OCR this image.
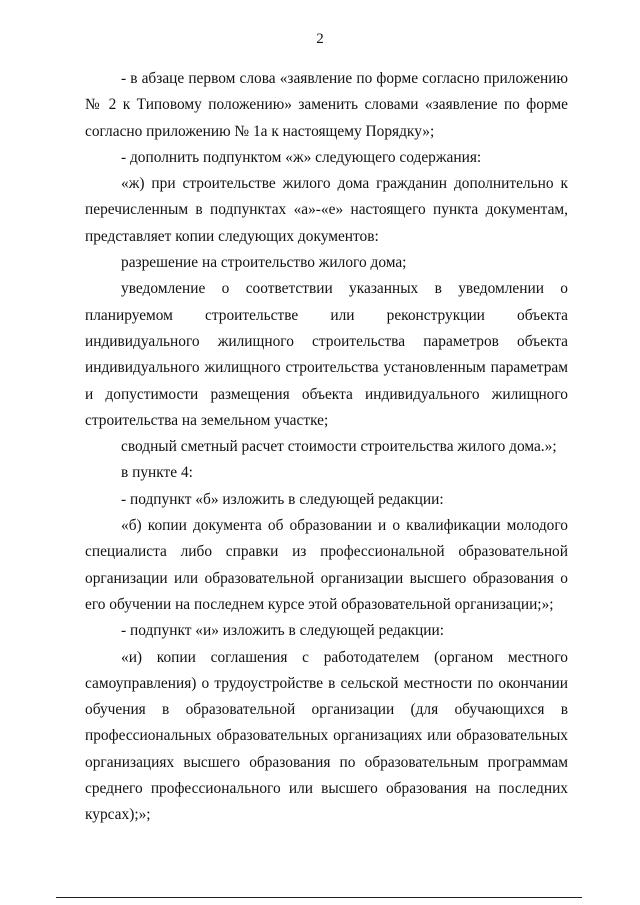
2

- в абзаце первом слова «заявление по форме согласно приложению № 2 к Типовому положению» заменить словами «заявление по форме согласно приложению № 1а к настоящему Порядку»;

- дополнить подпунктом «ж» следующего содержания:

«ж) при строительстве жилого дома гражданин дополнительно к перечисленным в подпунктах «а»-«е» настоящего пункта документам, представляет копии следующих документов:

разрешение на строительство жилого дома;

уведомление о соответствии указанных в уведомлении о планируемом строительстве или реконструкции объекта индивидуального жилищного строительства параметров объекта индивидуального жилищного строительства установленным параметрам и допустимости размещения объекта индивидуального жилищного строительства на земельном участке;

сводный сметный расчет стоимости строительства жилого дома.»;

в пункте 4:

- подпункт «б» изложить в следующей редакции:

«б) копии документа об образовании и о квалификации молодого специалиста либо справки из профессиональной образовательной организации или образовательной организации высшего образования о его обучении на последнем курсе этой образовательной организации;»;

- подпункт «и» изложить в следующей редакции:

«и) копии соглашения с работодателем (органом местного самоуправления) о трудоустройстве в сельской местности по окончании обучения в образовательной организации (для обучающихся в профессиональных образовательных организациях или образовательных организациях высшего образования по образовательным программам среднего профессионального или высшего образования на последних курсах);»;
